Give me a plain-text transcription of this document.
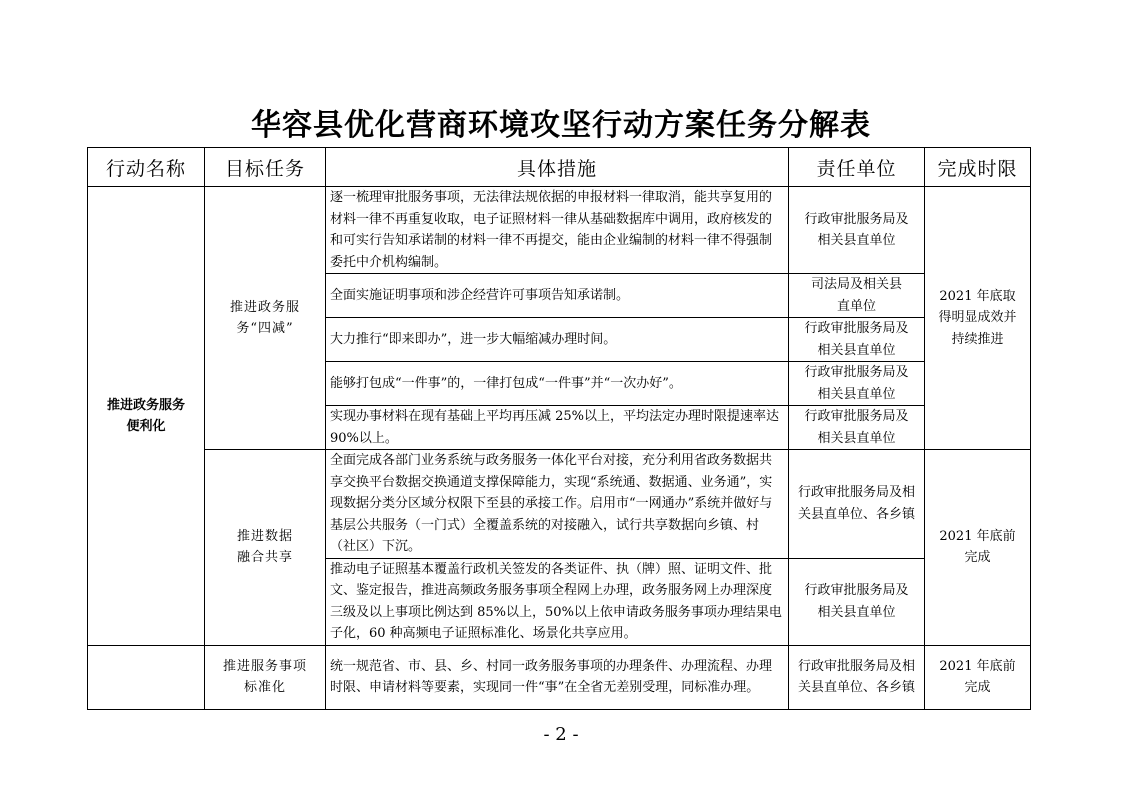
华容县优化营商环境攻坚行动方案任务分解表
行动名称	目标任务	具体措施	责任单位	完成时限

推进政务服务便利化	推进政务服务“四减”	逐一梳理审批服务事项，无法律法规依据的申报材料一律取消，能共享复用的材料一律不再重复收取，电子证照材料一律从基础数据库中调用，政府核发的和可实行告知承诺制的材料一律不再提交，能由企业编制的材料一律不得强制委托中介机构编制。	行政审批服务局及相关县直单位	2021 年底取得明显成效并持续推进

		全面实施证明事项和涉企经营许可事项告知承诺制。	司法局及相关县直单位	

		大力推行“即来即办”，进一步大幅缩减办理时间。	行政审批服务局及相关县直单位	

		能够打包成“一件事”的，一律打包成“一件事”并“一次办好”。	行政审批服务局及相关县直单位	

		实现办事材料在现有基础上平均再压减 25%以上，平均法定办理时限提速率达 90%以上。	行政审批服务局及相关县直单位	

	推进数据融合共享	全面完成各部门业务系统与政务服务一体化平台对接，充分利用省政务数据共享交换平台数据交换通道支撑保障能力，实现“系统通、数据通、业务通”，实现数据分类分区域分权限下至县的承接工作。启用市“一网通办”系统并做好与基层公共服务（一门式）全覆盖系统的对接融入，试行共享数据向乡镇、村（社区）下沉。	行政审批服务局及相关县直单位、各乡镇	2021 年底前完成

		推动电子证照基本覆盖行政机关签发的各类证件、执（牌）照、证明文件、批文、鉴定报告，推进高频政务服务事项全程网上办理，政务服务网上办理深度三级及以上事项比例达到 85%以上，50%以上依申请政务服务事项办理结果电子化，60 种高频电子证照标准化、场景化共享应用。	行政审批服务局及相关县直单位	

	推进服务事项标准化	统一规范省、市、县、乡、村同一政务服务事项的办理条件、办理流程、办理时限、申请材料等要素，实现同一件“事”在全省无差别受理，同标准办理。	行政审批服务局及相关县直单位、各乡镇	2021 年底前完成
- 2 -
